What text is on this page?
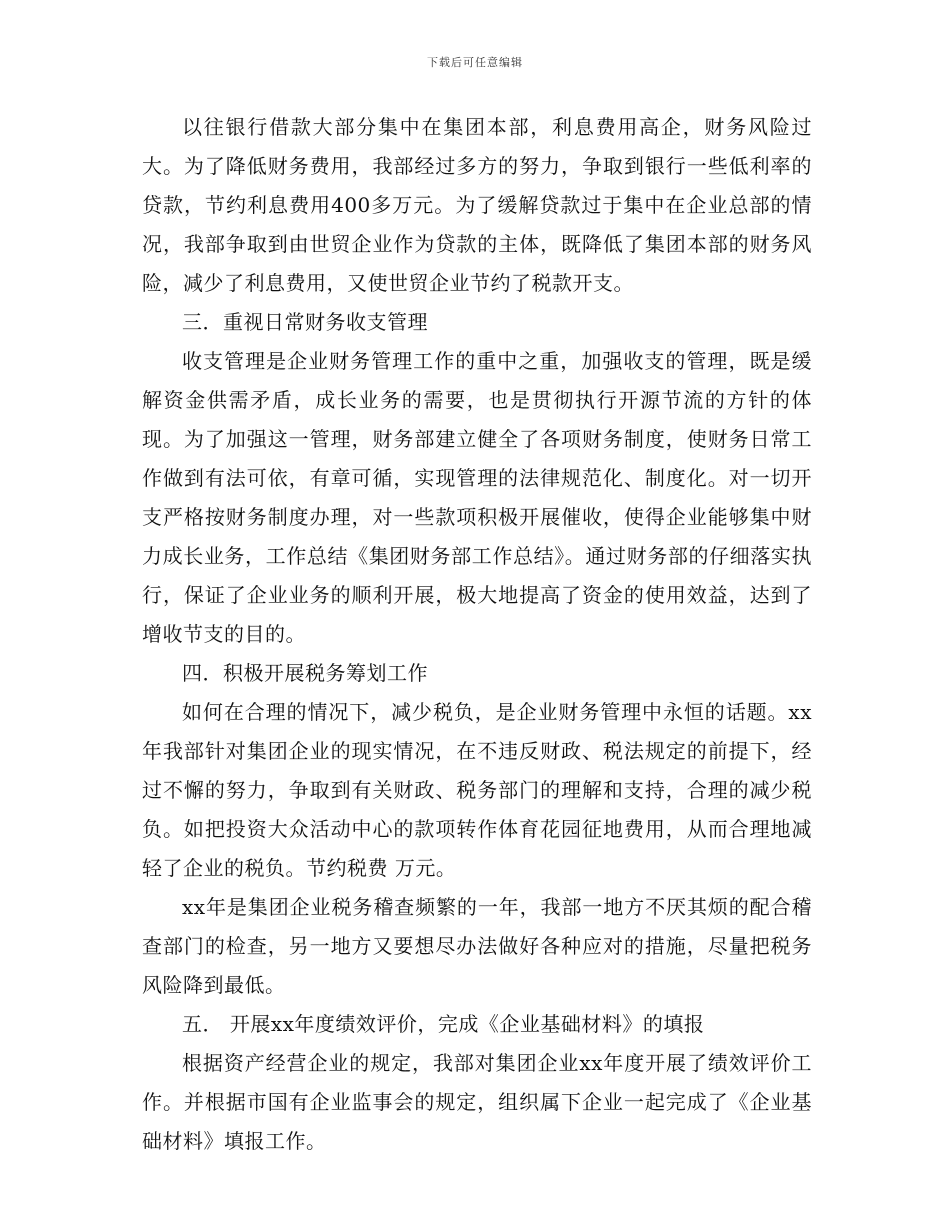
下载后可任意编辑

以往银行借款大部分集中在集团本部，利息费用高企，财务风险过大。为了降低财务费用，我部经过多方的努力，争取到银行一些低利率的贷款，节约利息费用400多万元。为了缓解贷款过于集中在企业总部的情况，我部争取到由世贸企业作为贷款的主体，既降低了集团本部的财务风险，减少了利息费用，又使世贸企业节约了税款开支。

三．重视日常财务收支管理

收支管理是企业财务管理工作的重中之重，加强收支的管理，既是缓解资金供需矛盾，成长业务的需要，也是贯彻执行开源节流的方针的体现。为了加强这一管理，财务部建立健全了各项财务制度，使财务日常工作做到有法可依，有章可循，实现管理的法律规范化、制度化。对一切开支严格按财务制度办理，对一些款项积极开展催收，使得企业能够集中财力成长业务，工作总结《集团财务部工作总结》。通过财务部的仔细落实执行，保证了企业业务的顺利开展，极大地提高了资金的使用效益，达到了增收节支的目的。

四．积极开展税务筹划工作

如何在合理的情况下，减少税负，是企业财务管理中永恒的话题。xx年我部针对集团企业的现实情况，在不违反财政、税法规定的前提下，经过不懈的努力，争取到有关财政、税务部门的理解和支持，合理的减少税负。如把投资大众活动中心的款项转作体育花园征地费用，从而合理地减轻了企业的税负。节约税费 万元。

xx年是集团企业税务稽查频繁的一年，我部一地方不厌其烦的配合稽查部门的检查，另一地方又要想尽办法做好各种应对的措施，尽量把税务风险降到最低。

五． 开展xx年度绩效评价，完成《企业基础材料》的填报

根据资产经营企业的规定，我部对集团企业xx年度开展了绩效评价工作。并根据市国有企业监事会的规定，组织属下企业一起完成了《企业基础材料》填报工作。
